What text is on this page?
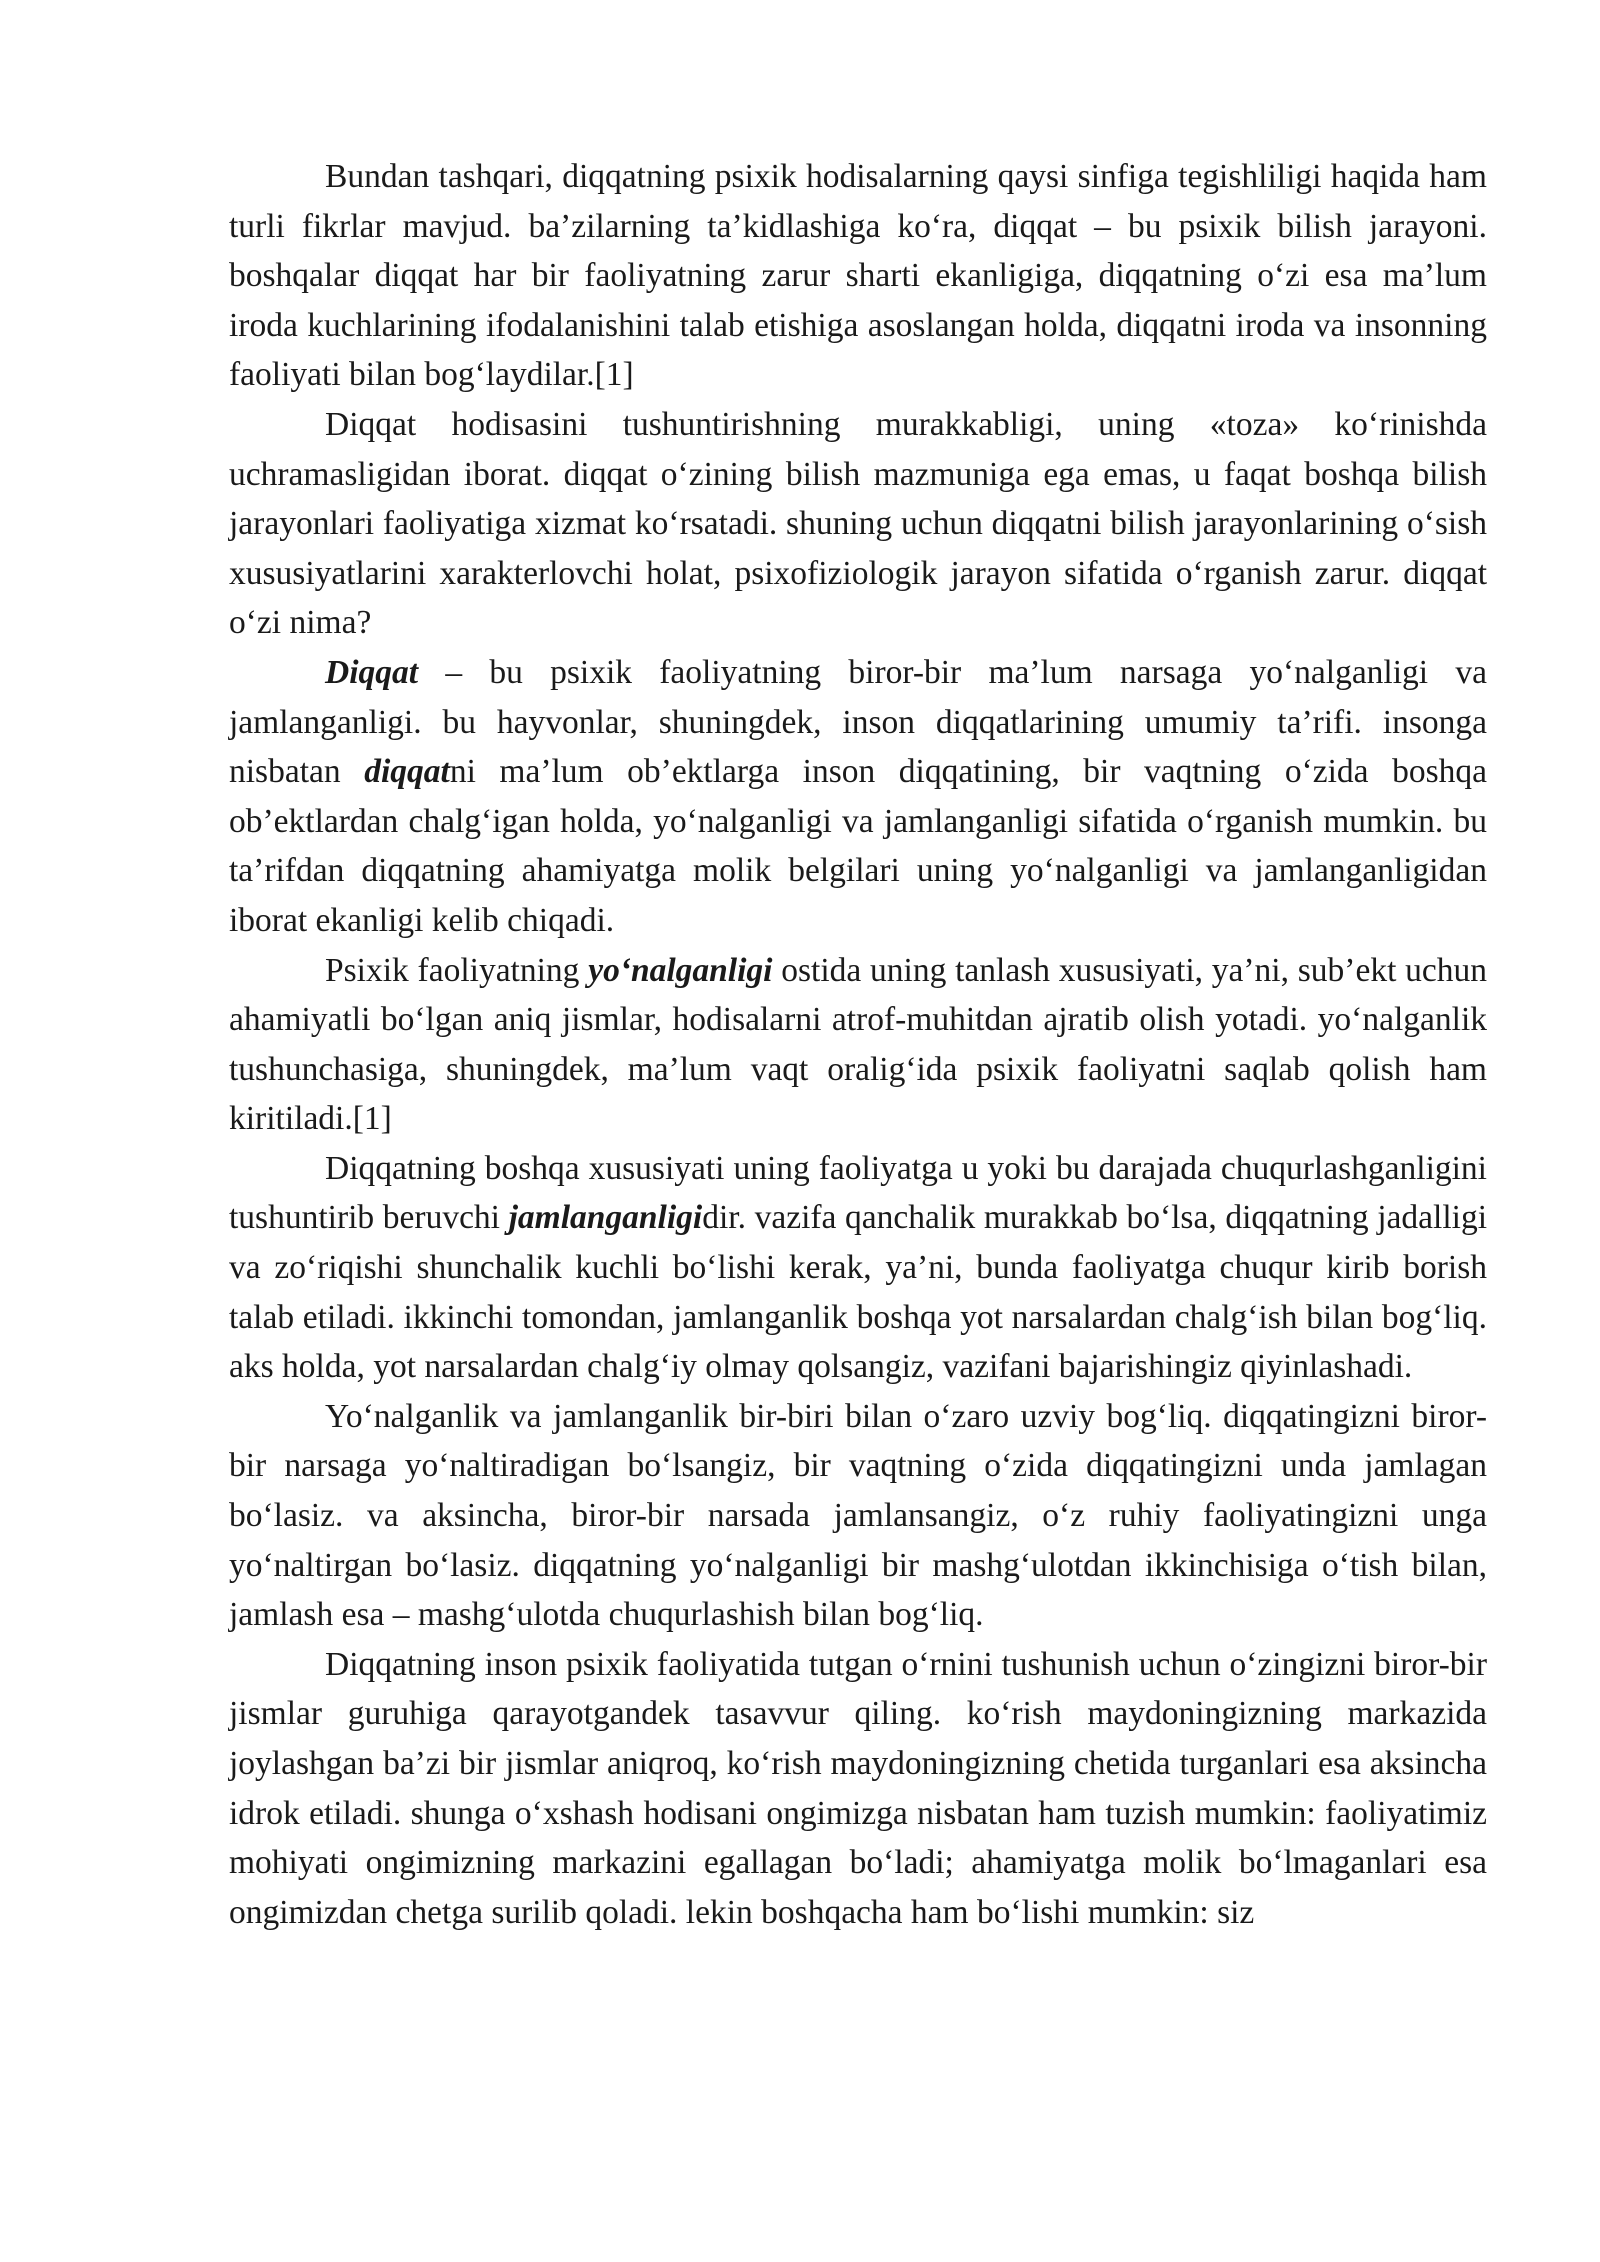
Bundan tashqari, diqqatning psixik hodisalarning qaysi sinfiga tegishliligi haqida ham turli fikrlar mavjud. ba’zilarning ta’kidlashiga ko‘ra, diqqat – bu psixik bilish jarayoni. boshqalar diqqat har bir faoliyatning zarur sharti ekanligiga, diqqatning o‘zi esa ma’lum iroda kuchlarining ifodalanishini talab etishiga asoslangan holda, diqqatni iroda va insonning faoliyati bilan bog‘laydilar.[1]

Diqqat hodisasini tushuntirishning murakkabligi, uning «toza» ko‘rinishda uchramasligidan iborat. diqqat o‘zining bilish mazmuniga ega emas, u faqat boshqa bilish jarayonlari faoliyatiga xizmat ko‘rsatadi. shuning uchun diqqatni bilish jarayonlarining o‘sish xususiyatlarini xarakterlovchi holat, psixofiziologik jarayon sifatida o‘rganish zarur. diqqat o‘zi nima?

Diqqat – bu psixik faoliyatning biror-bir ma’lum narsaga yo‘nalganligi va jamlanganligi. bu hayvonlar, shuningdek, inson diqqatlarining umumiy ta’rifi. insonga nisbatan diqqatni ma’lum ob’ektlarga inson diqqatining, bir vaqtning o‘zida boshqa ob’ektlardan chalg‘igan holda, yo‘nalganligi va jamlanganligi sifatida o‘rganish mumkin. bu ta’rifdan diqqatning ahamiyatga molik belgilari uning yo‘nalganligi va jamlanganligidan iborat ekanligi kelib chiqadi.

Psixik faoliyatning yo‘nalganligi ostida uning tanlash xususiyati, ya’ni, sub’ekt uchun ahamiyatli bo‘lgan aniq jismlar, hodisalarni atrof-muhitdan ajratib olish yotadi. yo‘nalganlik tushunchasiga, shuningdek, ma’lum vaqt oralig‘ida psixik faoliyatni saqlab qolish ham kiritiladi.[1]

Diqqatning boshqa xususiyati uning faoliyatga u yoki bu darajada chuqurlashganligini tushuntirib beruvchi jamlanganligidir. vazifa qanchalik murakkab bo‘lsa, diqqatning jadalligi va zo‘riqishi shunchalik kuchli bo‘lishi kerak, ya’ni, bunda faoliyatga chuqur kirib borish talab etiladi. ikkinchi tomondan, jamlanganlik boshqa yot narsalardan chalg‘ish bilan bog‘liq. aks holda, yot narsalardan chalg‘iy olmay qolsangiz, vazifani bajarishingiz qiyinlashadi.

Yo‘nalganlik va jamlanganlik bir-biri bilan o‘zaro uzviy bog‘liq. diqqatingizni biror-bir narsaga yo‘naltiradigan bo‘lsangiz, bir vaqtning o‘zida diqqatingizni unda jamlagan bo‘lasiz. va aksincha, biror-bir narsada jamlansangiz, o‘z ruhiy faoliyatingizni unga yo‘naltirgan bo‘lasiz. diqqatning yo‘nalganligi bir mashg‘ulotdan ikkinchisiga o‘tish bilan, jamlash esa – mashg‘ulotda chuqurlashish bilan bog‘liq.

Diqqatning inson psixik faoliyatida tutgan o‘rnini tushunish uchun o‘zingizni biror-bir jismlar guruhiga qarayotgandek tasavvur qiling. ko‘rish maydoningizning markazida joylashgan ba’zi bir jismlar aniqroq, ko‘rish maydoningizning chetida turganlari esa aksincha idrok etiladi. shunga o‘xshash hodisani ongimizga nisbatan ham tuzish mumkin: faoliyatimiz mohiyati ongimizning markazini egallagan bo‘ladi; ahamiyatga molik bo‘lmaganlari esa ongimizdan chetga surilib qoladi. lekin boshqacha ham bo‘lishi mumkin: siz
